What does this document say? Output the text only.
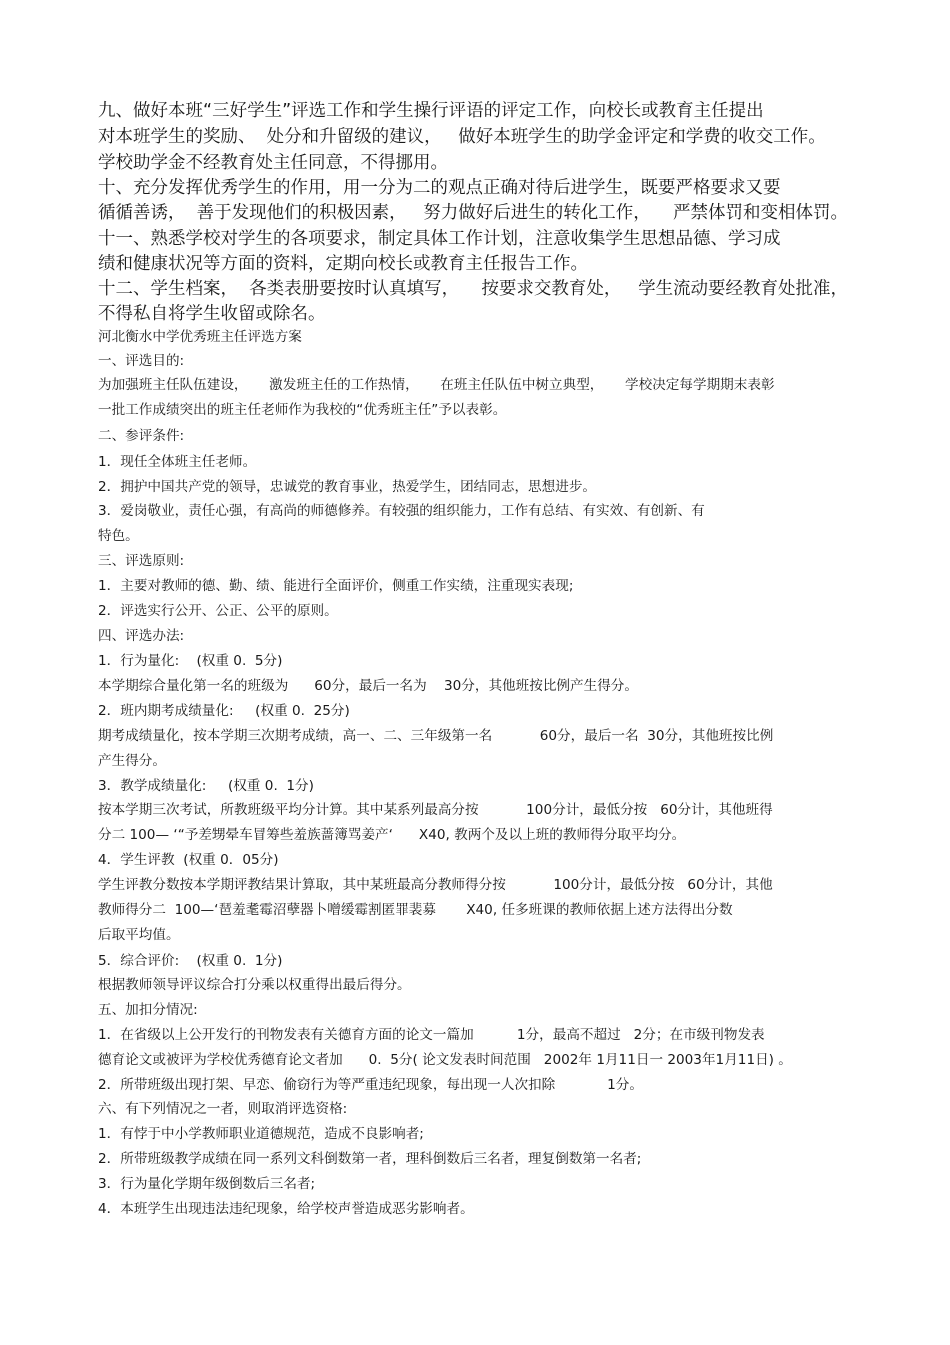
九、做好本班“三好学生”评选工作和学生操行评语的评定工作，向校长或教育主任提出
对本班学生的奖励、  处分和升留级的建议，   做好本班学生的助学金评定和学费的收交工作。
学校助学金不经教育处主任同意，不得挪用。
十、充分发挥优秀学生的作用，用一分为二的观点正确对待后进学生，既要严格要求又要
循循善诱，  善于发现他们的积极因素，   努力做好后进生的转化工作，    严禁体罚和变相体罚。
十一、熟悉学校对学生的各项要求，制定具体工作计划，注意收集学生思想品德、学习成
绩和健康状况等方面的资料，定期向校长或教育主任报告工作。
十二、学生档案，  各类表册要按时认真填写，    按要求交教育处，   学生流动要经教育处批准，
不得私自将学生收留或除名。
河北衡水中学优秀班主任评选方案
一、评选目的:
为加强班主任队伍建设，     激发班主任的工作热情，     在班主任队伍中树立典型，     学校决定每学期期末表彰
一批工作成绩突出的班主任老师作为我校的“优秀班主任”予以表彰。
二、参评条件:
1．现任全体班主任老师。
2．拥护中国共产党的领导，忠诚党的教育事业，热爱学生，团结同志，思想进步。
3．爱岗敬业，责任心强，有高尚的师德修养。有较强的组织能力，工作有总结、有实效、有创新、有
特色。
三、评选原则:
1．主要对教师的德、勤、绩、能进行全面评价，侧重工作实绩，注重现实表现;
2．评选实行公开、公正、公平的原则。
四、评选办法:
1．行为量化:    (权重 0.  5分)
本学期综合量化第一名的班级为      60分，最后一名为    30分，其他班按比例产生得分。
2．班内期考成绩量化:     (权重 0.  25分)
期考成绩量化，按本学期三次期考成绩，高一、二、三年级第一名           60分，最后一名  30分，其他班按比例
产生得分。
3．教学成绩量化:     (权重 0.  1分)
按本学期三次考试，所教班级平均分计算。其中某系列最高分按           100分计，最低分按   60分计，其他班得
分二 100— ‘“予差甥晕车冒筹些羞族蔷簿骂姜产‘      X40, 教两个及以上班的教师得分取平均分。
4．学生评教  (权重 0．05分)
学生评教分数按本学期评教结果计算取，其中某班最高分教师得分按           100分计，最低分按   60分计，其他
教师得分二  100—‘琶羞耄霉沼孽器卜噌缓霉割匿罪裴募       X40, 任多班课的教师依据上述方法得出分数
后取平均值。
5．综合评价:    (权重 0.  1分)
根据教师领导评议综合打分乘以权重得出最后得分。
五、加扣分情况:
1．在省级以上公开发行的刊物发表有关德育方面的论文一篇加          1分，最高不超过   2分；在市级刊物发表
德育论文或被评为学校优秀德育论文者加      0.  5分( 论文发表时间范围   2002年 1月11日一 2003年1月11日) 。
2．所带班级出现打架、早恋、偷窃行为等严重违纪现象，每出现一人次扣除            1分。
六、有下列情况之一者，则取消评选资格:
1．有悖于中小学教师职业道德规范，造成不良影响者;
2．所带班级教学成绩在同一系列文科倒数第一者，理科倒数后三名者，理复倒数第一名者;
3．行为量化学期年级倒数后三名者;
4．本班学生出现违法违纪现象，给学校声誉造成恶劣影响者。
